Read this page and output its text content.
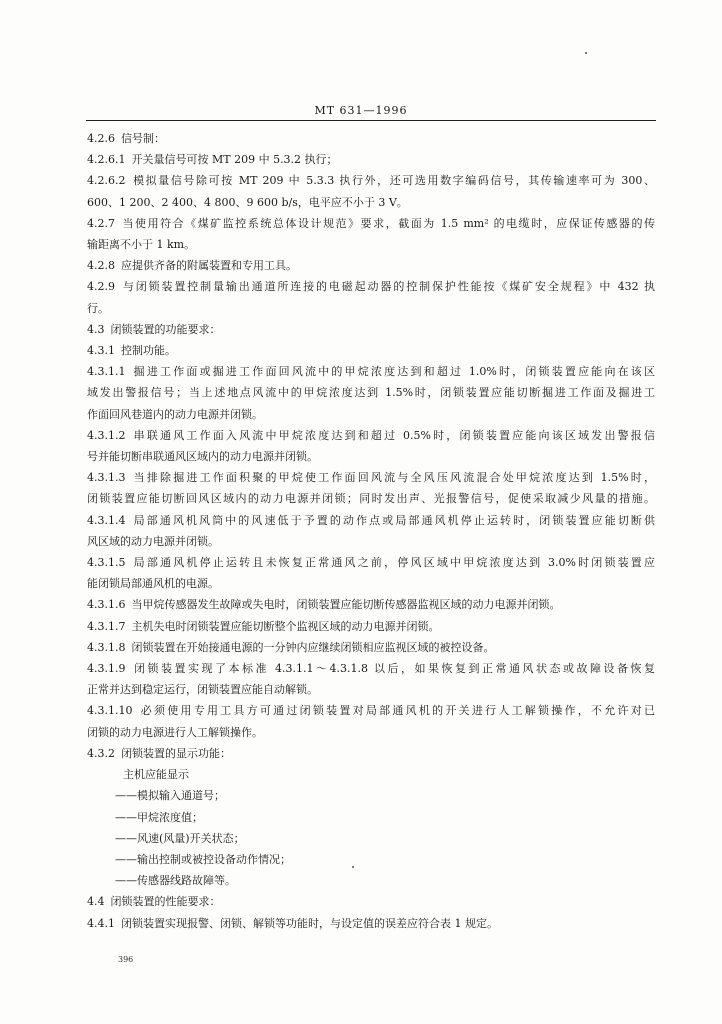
MT 631—1996
4.2.6 信号制：
4.2.6.1 开关量信号可按 MT 209 中 5.3.2 执行；
4.2.6.2 模拟量信号除可按 MT 209 中 5.3.3 执行外，还可选用数字编码信号，其传输速率可为 300、
600、1 200、2 400、4 800、9 600 b/s，电平应不小于 3 V。
4.2.7 当使用符合《煤矿监控系统总体设计规范》要求，截面为 1.5 mm² 的电缆时，应保证传感器的传
输距离不小于 1 km。
4.2.8 应提供齐备的附属装置和专用工具。
4.2.9 与闭锁装置控制量输出通道所连接的电磁起动器的控制保护性能按《煤矿安全规程》中 432 执
行。
4.3 闭锁装置的功能要求：
4.3.1 控制功能。
4.3.1.1 掘进工作面或掘进工作面回风流中的甲烷浓度达到和超过 1.0%时，闭锁装置应能向在该区
域发出警报信号；当上述地点风流中的甲烷浓度达到 1.5%时，闭锁装置应能切断掘进工作面及掘进工
作面回风巷道内的动力电源并闭锁。
4.3.1.2 串联通风工作面入风流中甲烷浓度达到和超过 0.5%时，闭锁装置应能向该区域发出警报信
号并能切断串联通风区域内的动力电源并闭锁。
4.3.1.3 当排除掘进工作面积聚的甲烷使工作面回风流与全风压风流混合处甲烷浓度达到 1.5%时，
闭锁装置应能切断回风区域内的动力电源并闭锁；同时发出声、光报警信号，促使采取减少风量的措施。
4.3.1.4 局部通风机风筒中的风速低于予置的动作点或局部通风机停止运转时，闭锁装置应能切断供
风区域的动力电源并闭锁。
4.3.1.5 局部通风机停止运转且未恢复正常通风之前，停风区域中甲烷浓度达到 3.0%时闭锁装置应
能闭锁局部通风机的电源。
4.3.1.6 当甲烷传感器发生故障或失电时，闭锁装置应能切断传感器监视区域的动力电源并闭锁。
4.3.1.7 主机失电时闭锁装置应能切断整个监视区域的动力电源并闭锁。
4.3.1.8 闭锁装置在开始接通电源的一分钟内应继续闭锁相应监视区域的被控设备。
4.3.1.9 闭锁装置实现了本标准 4.3.1.1～4.3.1.8 以后，如果恢复到正常通风状态或故障设备恢复
正常并达到稳定运行，闭锁装置应能自动解锁。
4.3.1.10 必须使用专用工具方可通过闭锁装置对局部通风机的开关进行人工解锁操作，不允许对已
闭锁的动力电源进行人工解锁操作。
4.3.2 闭锁装置的显示功能：
主机应能显示
——模拟输入通道号；
——甲烷浓度值；
——风速(风量)开关状态；
——输出控制或被控设备动作情况；
——传感器线路故障等。
4.4 闭锁装置的性能要求：
4.4.1 闭锁装置实现报警、闭锁、解锁等功能时，与设定值的误差应符合表 1 规定。
396
